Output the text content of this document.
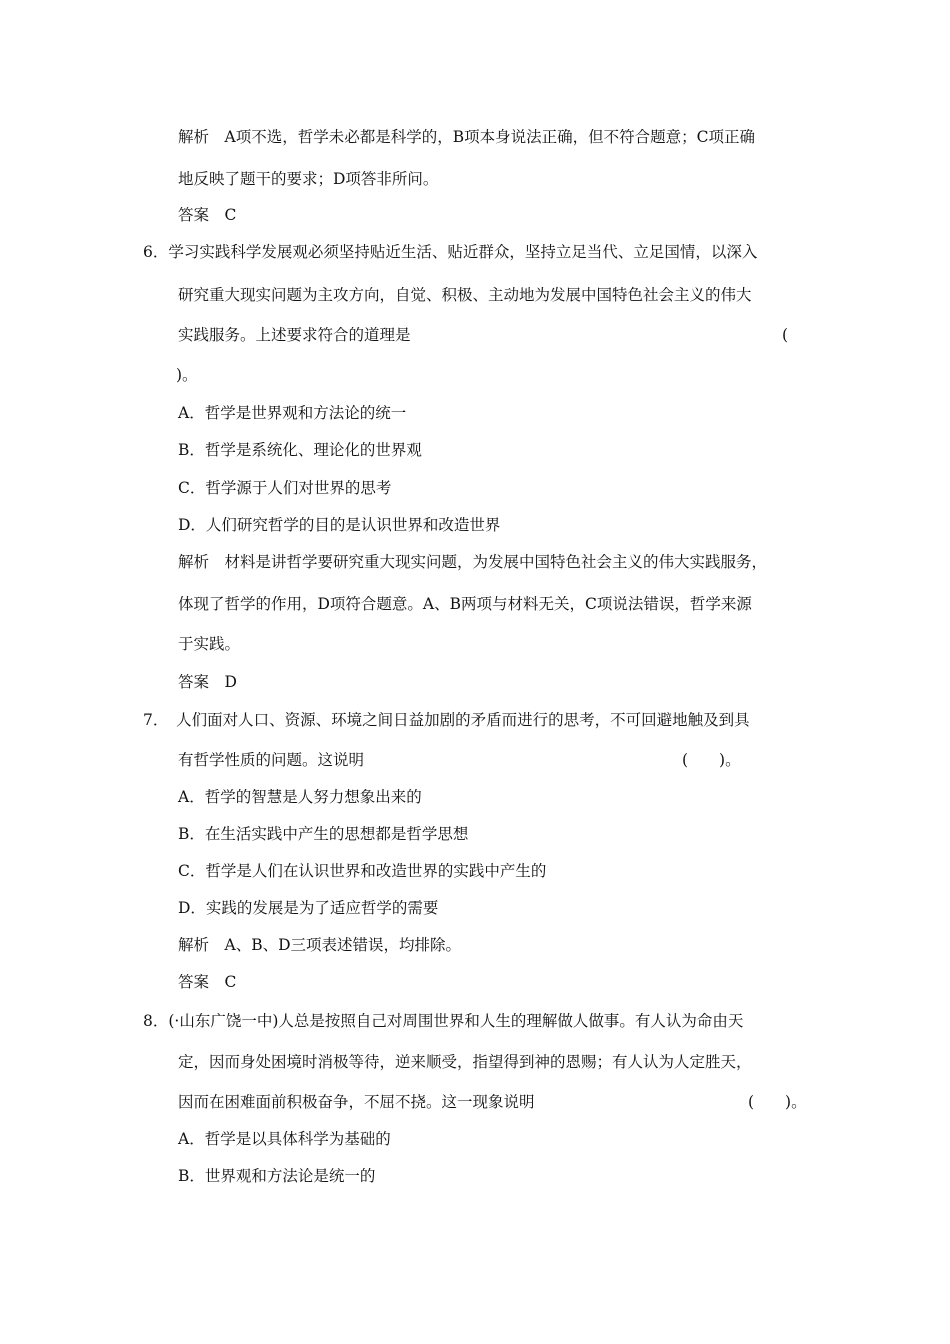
解析　A项不选，哲学未必都是科学的，B项本身说法正确，但不符合题意；C项正确
地反映了题干的要求；D项答非所问。
答案　C
6．学习实践科学发展观必须坚持贴近生活、贴近群众，坚持立足当代、立足国情，以深入
研究重大现实问题为主攻方向，自觉、积极、主动地为发展中国特色社会主义的伟大
实践服务。上述要求符合的道理是	(
)。
A．哲学是世界观和方法论的统一
B．哲学是系统化、理论化的世界观
C．哲学源于人们对世界的思考
D．人们研究哲学的目的是认识世界和改造世界
解析　材料是讲哲学要研究重大现实问题，为发展中国特色社会主义的伟大实践服务，
体现了哲学的作用，D项符合题意。A、B两项与材料无关，C项说法错误，哲学来源
于实践。
答案　D
7．　人们面对人口、资源、环境之间日益加剧的矛盾而进行的思考，不可回避地触及到具
有哲学性质的问题。这说明	(　　)。
A．哲学的智慧是人努力想象出来的
B．在生活实践中产生的思想都是哲学思想
C．哲学是人们在认识世界和改造世界的实践中产生的
D．实践的发展是为了适应哲学的需要
解析　A、B、D三项表述错误，均排除。
答案　C
8．(·山东广饶一中)人总是按照自己对周围世界和人生的理解做人做事。有人认为命由天
定，因而身处困境时消极等待，逆来顺受，指望得到神的恩赐；有人认为人定胜天，
因而在困难面前积极奋争，不屈不挠。这一现象说明	(　　)。
A．哲学是以具体科学为基础的
B．世界观和方法论是统一的
